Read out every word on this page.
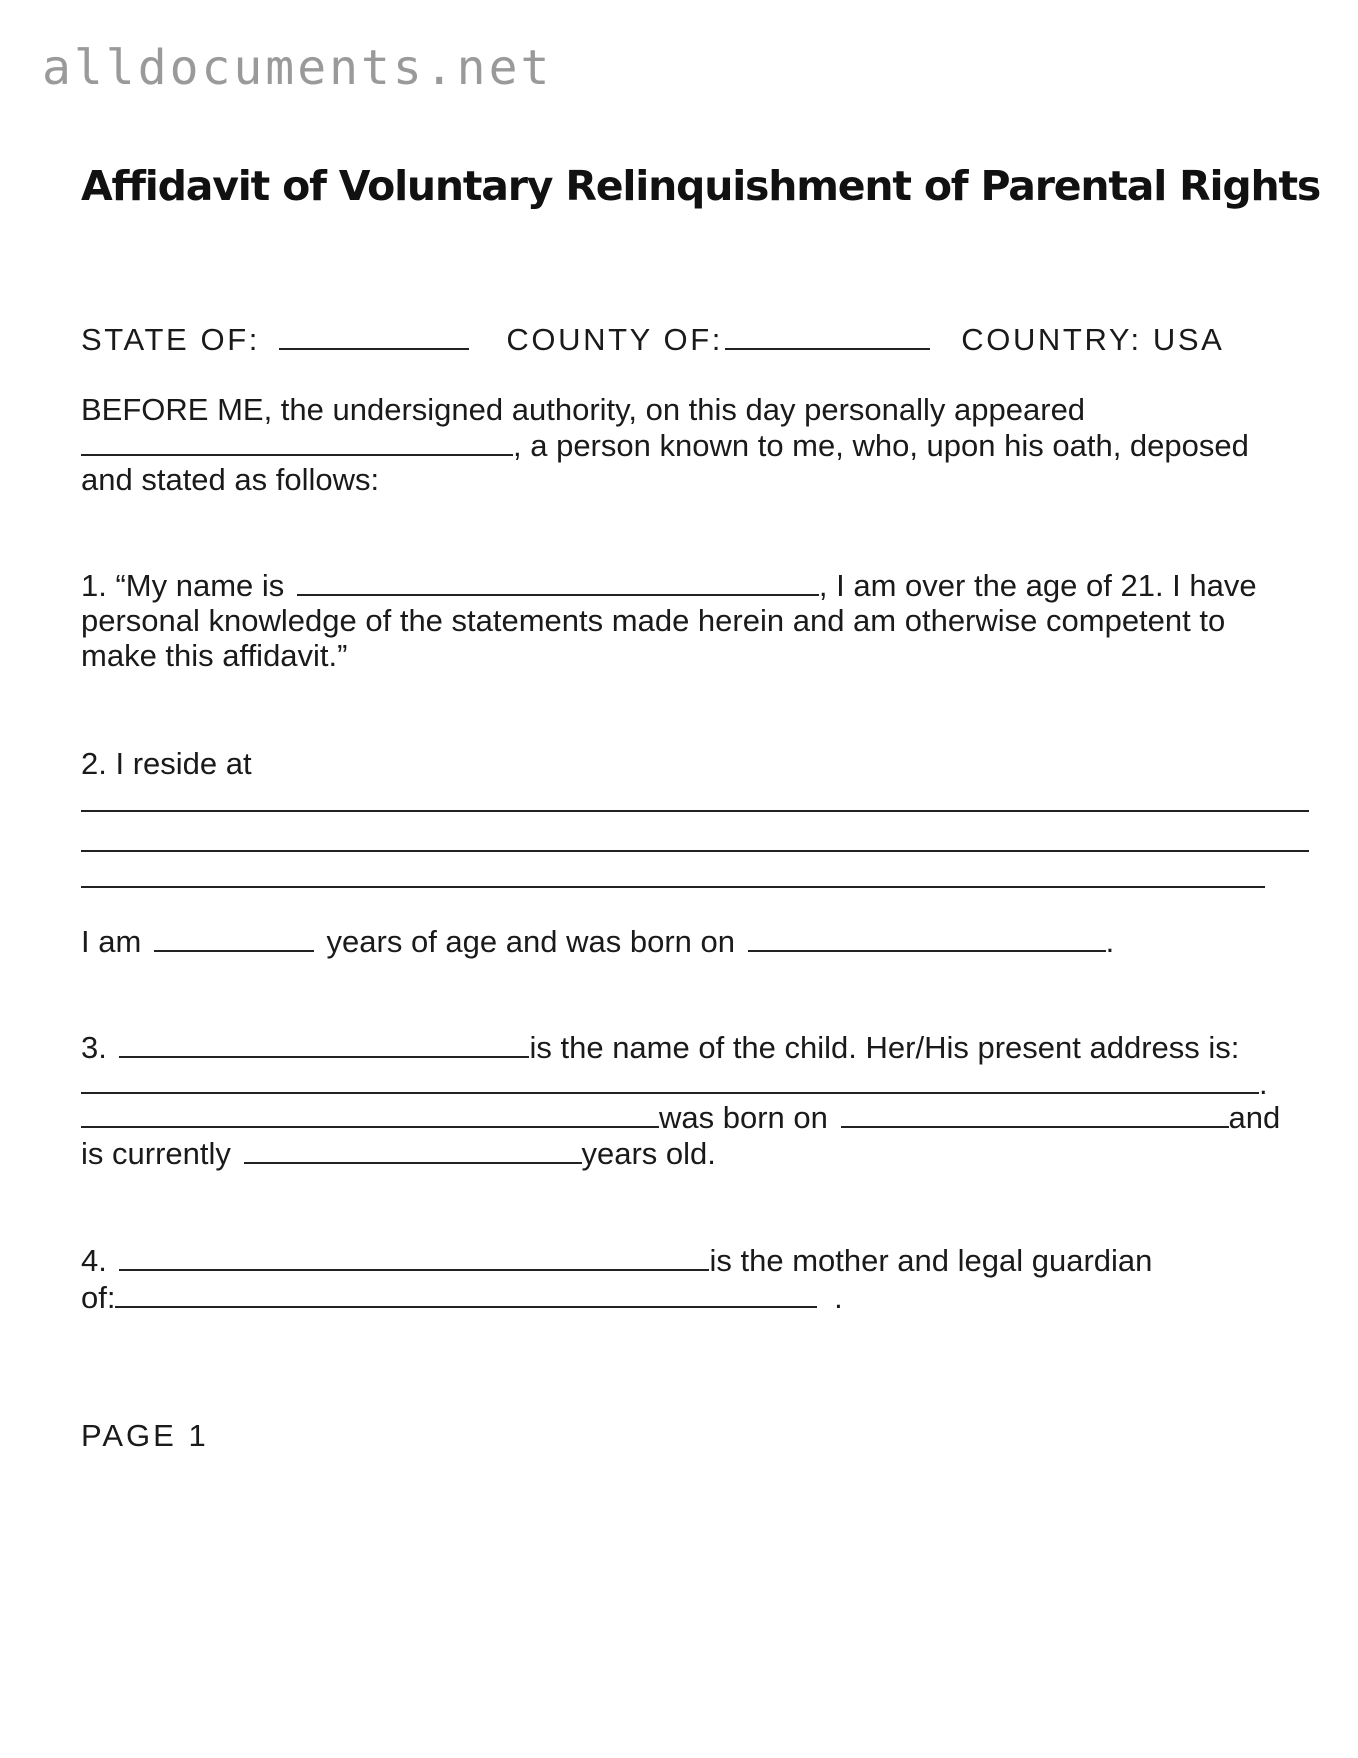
alldocuments.net
Affidavit of Voluntary Relinquishment of Parental Rights
STATE OF:	COUNTY OF:	COUNTRY: USA
BEFORE ME, the undersigned authority, on this day personally appeared
, a person known to me, who, upon his oath, deposed
and stated as follows:
1. “My name is	, I am over the age of 21. I have
personal knowledge of the statements made herein and am otherwise competent to
make this affidavit.”
2. I reside at
I am	years of age and was born on	.
3.	is the name of the child. Her/His present address is:
.
was born on	and
is currently	years old.
4.	is the mother and legal guardian
of:	.
PAGE 1
